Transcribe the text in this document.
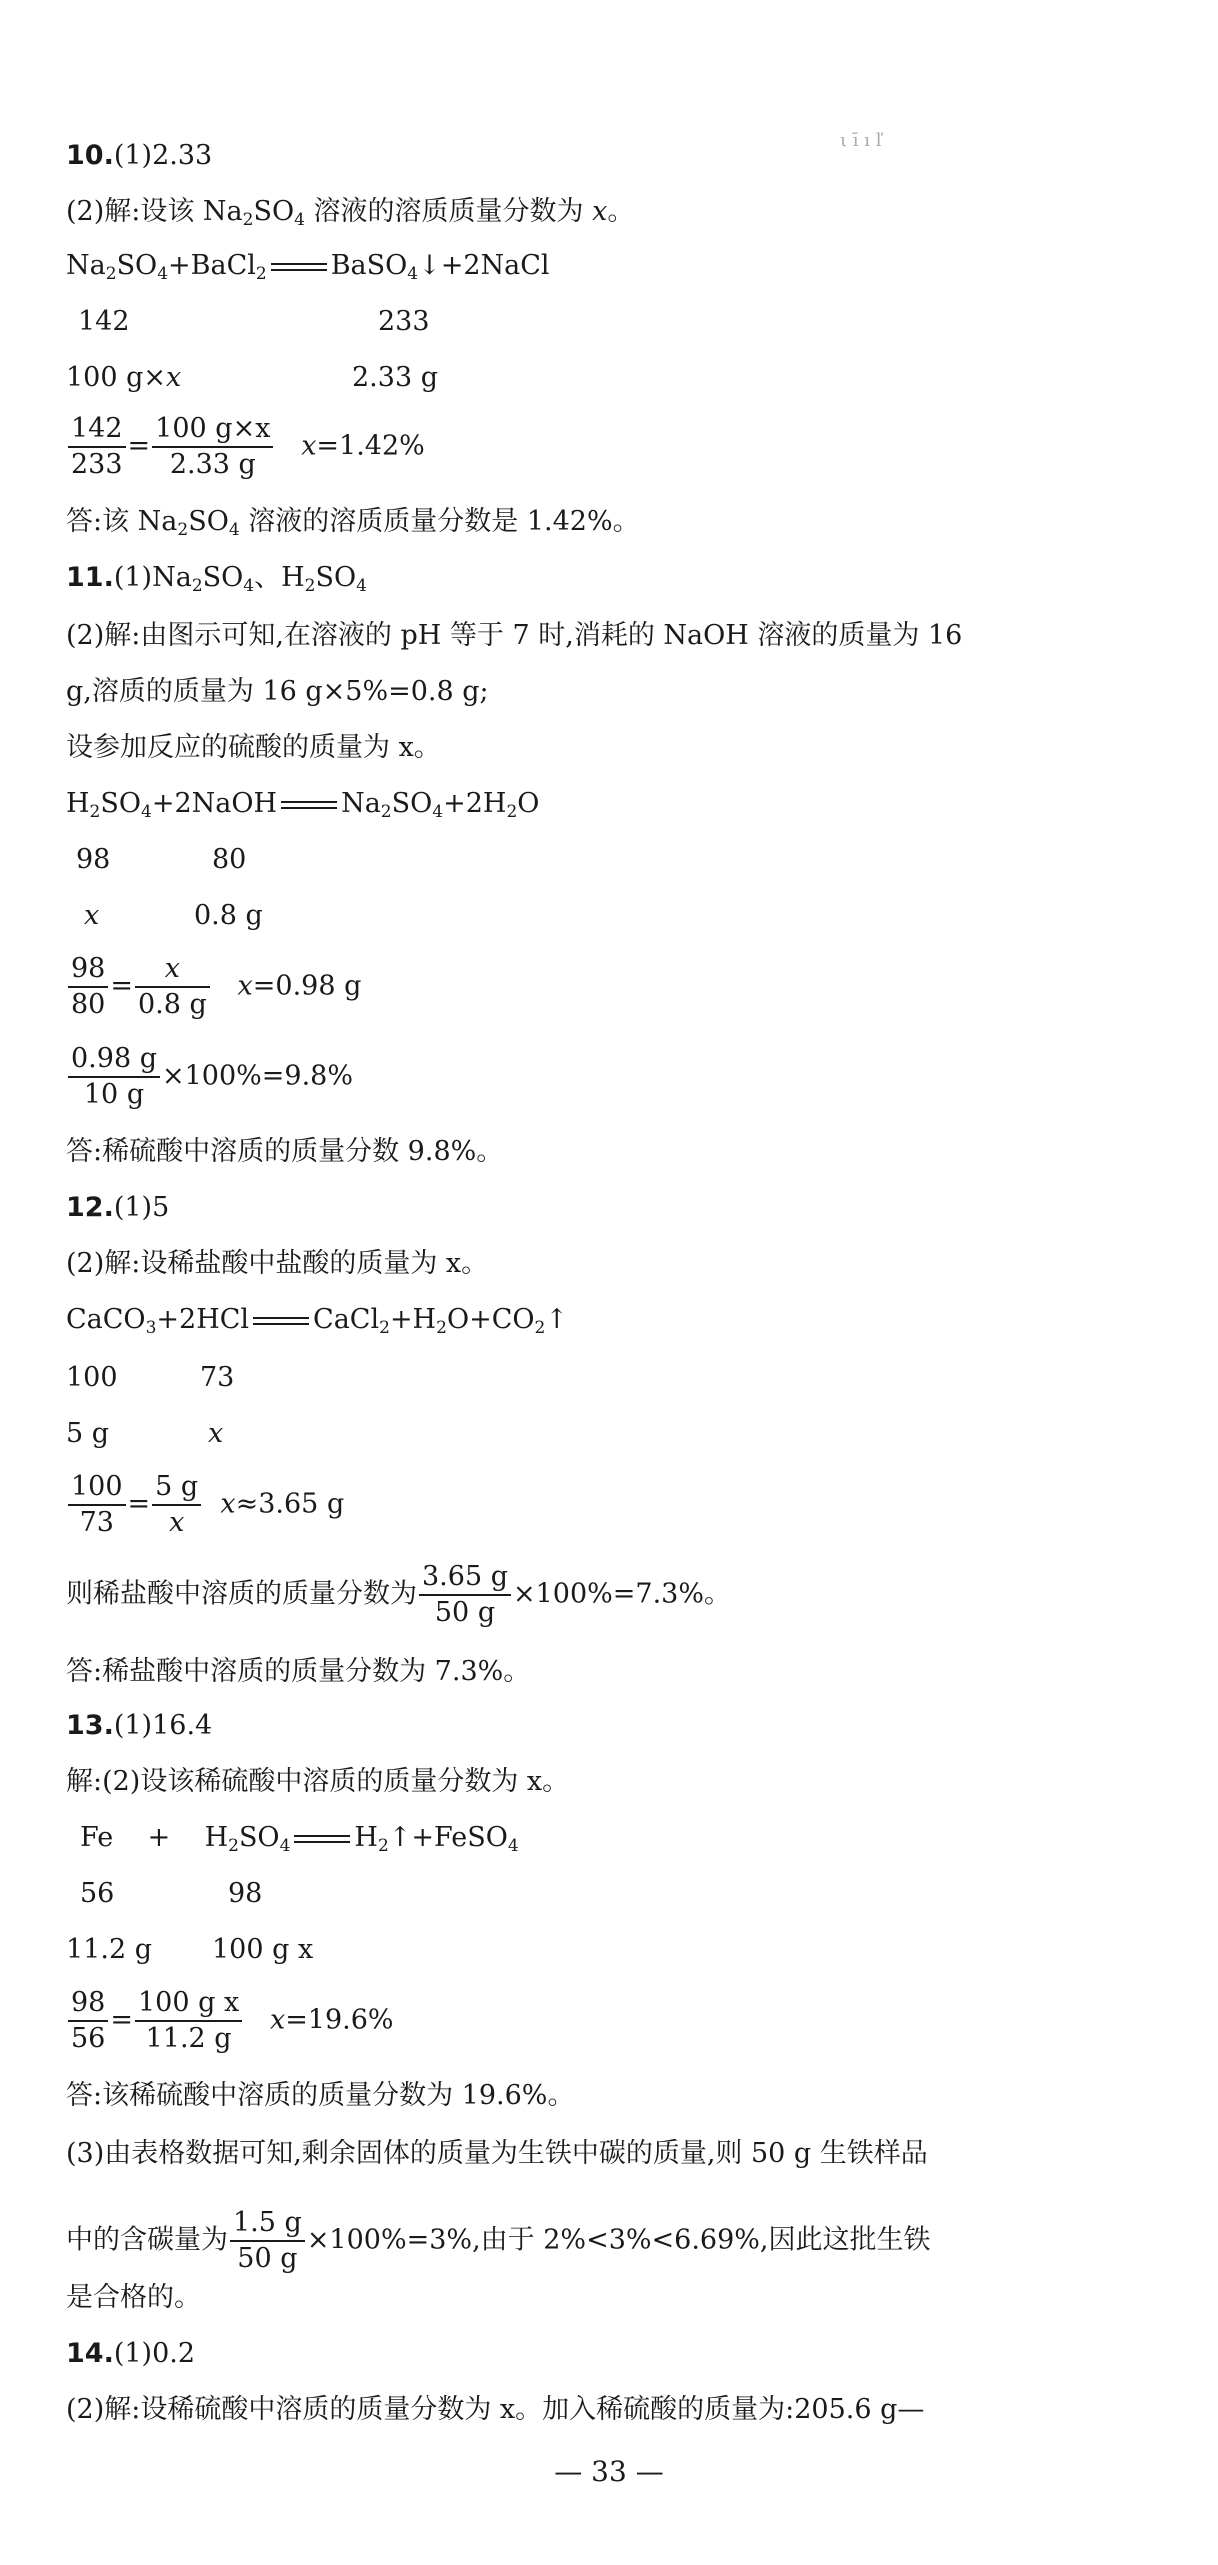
ι ī ı ľ
10.(1)2.33
(2)解:设该 $Na_2SO_4$ 溶液的溶质质量分数为 x。
$Na_2SO_4+BaCl_2$ BaSO$_4$↓+2NaCl
142	233
100 g×x	2.33 g
$\frac{142}{233} = \frac{100 g\times x}{2.33 g} x=1.42\%$
答:该 $Na_2SO_4$ 溶液的溶质质量分数是 1.42%。
$11.(1)Na_2SO_4$、$H_2SO_4$
(2)解:由图示可知,在溶液的 pH 等于 7 时,消耗的 NaOH 溶液的质量为 16
g,溶质的质量为 16 g×5%=0.8 g;
设参加反应的硫酸的质量为 x。
$H_2SO_4+2NaOH$ $Na_2SO_4+2H_2O$
98	80
x	0.8 g
$\frac{98}{80} = \frac{x}{0.8 g} x=0.98$ g
$\frac{0.98 g}{10 g} \times 100\%=9.8\%$
答:稀硫酸中溶质的质量分数 9.8%。
12.(1)5
(2)解:设稀盐酸中盐酸的质量为 x。
CaCO$_3$+2HCl $CaCl_2+H_2O+CO_2↑$
100	73
5 g	x
$\frac{100}{73} = \frac{5 g}{x} x\approx 3.65$ g
则稀盐酸中溶质的质量分数为 $\frac{3.65 g}{50 g} \times 100\%=7.3\%$。
答:稀盐酸中溶质的质量分数为 7.3%。
13.(1)16.4
解:(2)设该稀硫酸中溶质的质量分数为 x。
$Fe + H_2SO_4$ $H_2↑+FeSO_4$
56	98
11.2 g 100 g x
$\frac{98}{56} = \frac{\text{100 g x}}{11.2 g} x=19.6\%$
答:该稀硫酸中溶质的质量分数为 19.6%。
(3)由表格数据可知,剩余固体的质量为生铁中碳的质量,则 50 g 生铁样品
中的含碳量为 $\frac{1.5 g}{50 g} \times 100\%=3\%$,由于 2%<3%<6.69%,因此这批生铁
是合格的。
14.(1)0.2
(2)解:设稀硫酸中溶质的质量分数为 x。加入稀硫酸的质量为:205.6 g—
— 33 —
